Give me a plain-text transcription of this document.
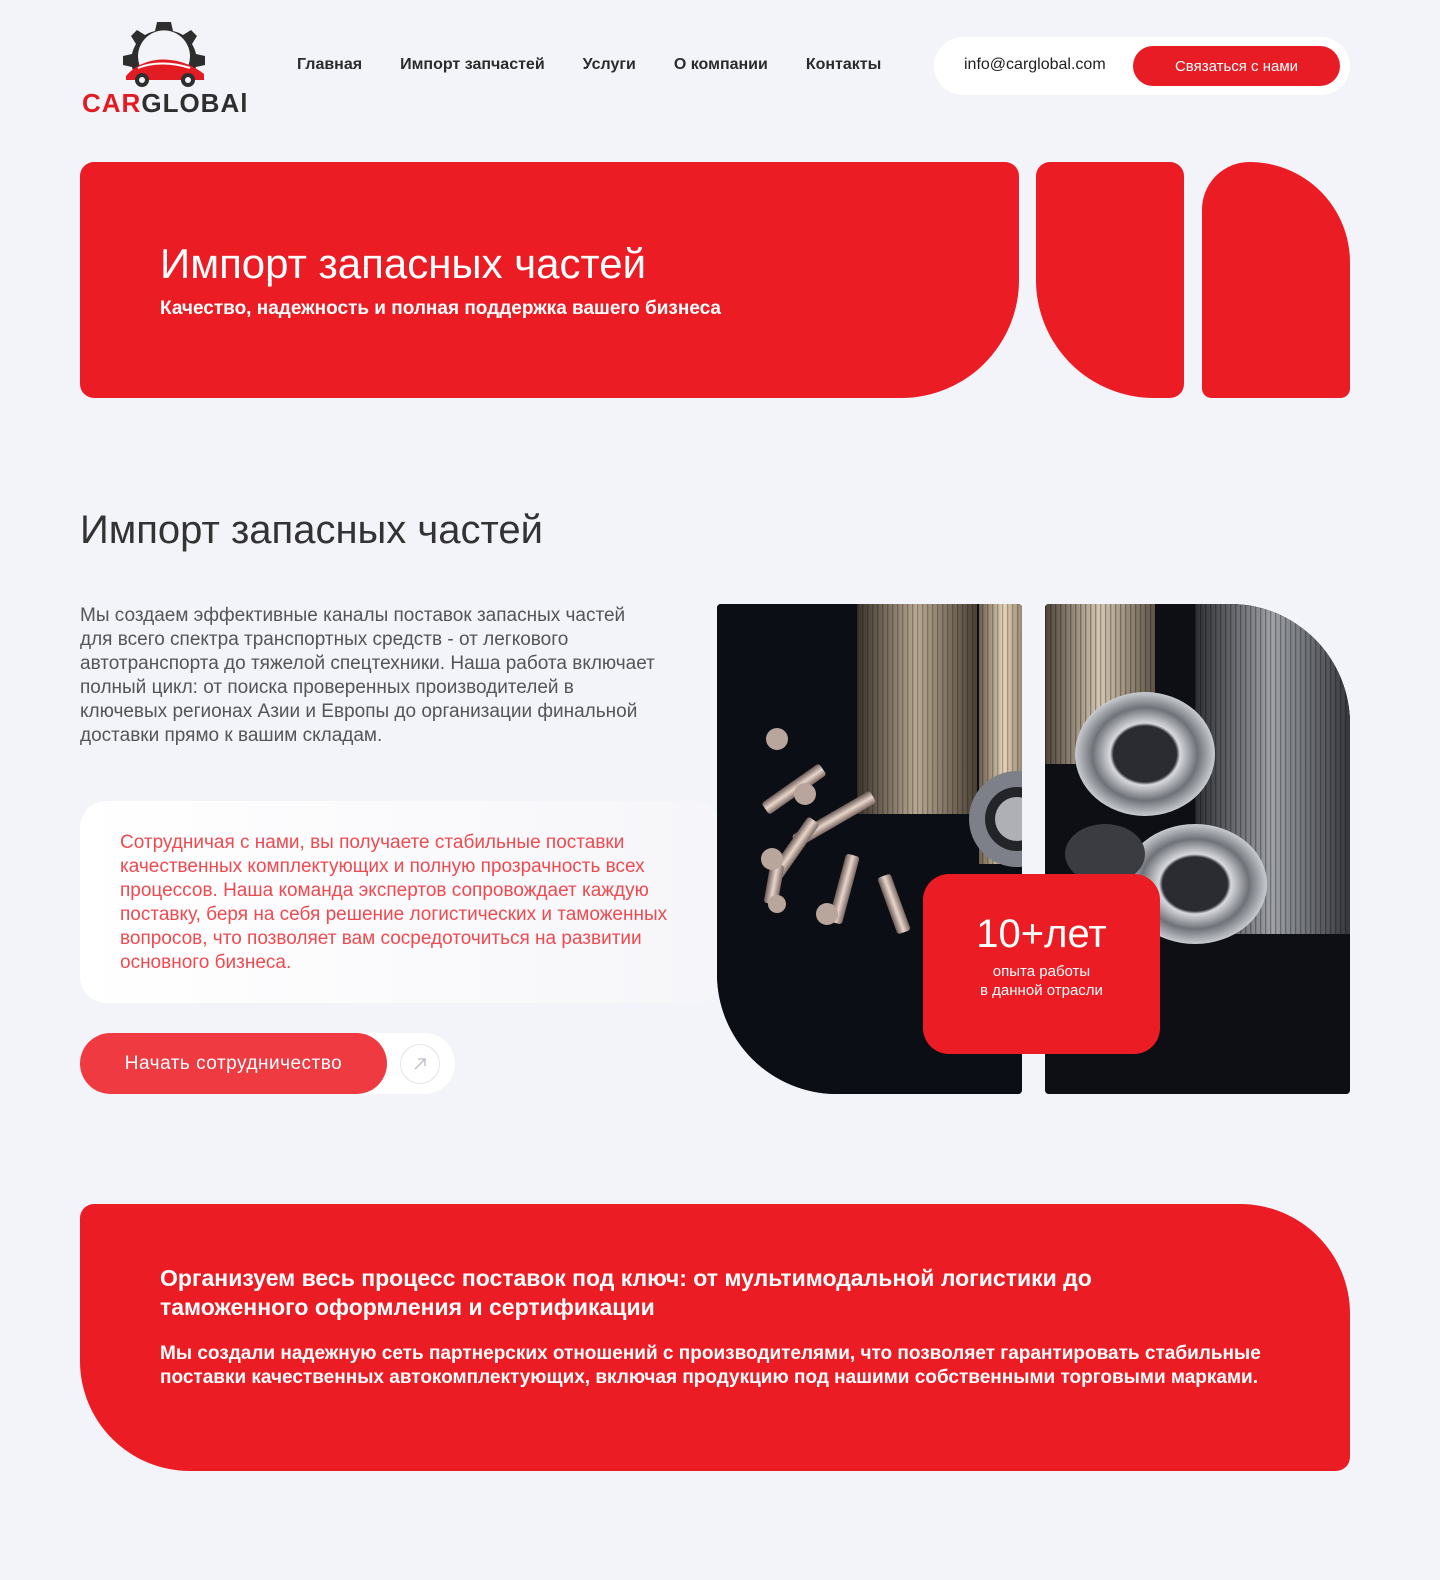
CARGLOBAl
Главная Импорт запчастей Услуги О компании Контакты	info@carglobal.com	Связаться с нами
Импорт запасных частей

Качество, надежность и полная поддержка вашего бизнеса

Импорт запасных частей

Мы создаем эффективные каналы поставок запасных частей для всего спектра транспортных средств - от легкового автотранспорта до тяжелой спецтехники. Наша работа включает полный цикл: от поиска проверенных производителей в ключевых регионах Азии и Европы до организации финальной доставки прямо к вашим складам.

Сотрудничая с нами, вы получаете стабильные поставки качественных комплектующих и полную прозрачность всех процессов. Наша команда экспертов сопровождает каждую поставку, беря на себя решение логистических и таможенных вопросов, что позволяет вам сосредоточиться на развитии основного бизнеса.

Начать сотрудничество
10+лет
опыта работы
в данной отрасли
Организуем весь процесс поставок под ключ: от мультимодальной логистики до таможенного оформления и сертификации

Мы создали надежную сеть партнерских отношений с производителями, что позволяет гарантировать стабильные поставки качественных автокомплектующих, включая продукцию под нашими собственными торговыми марками.
